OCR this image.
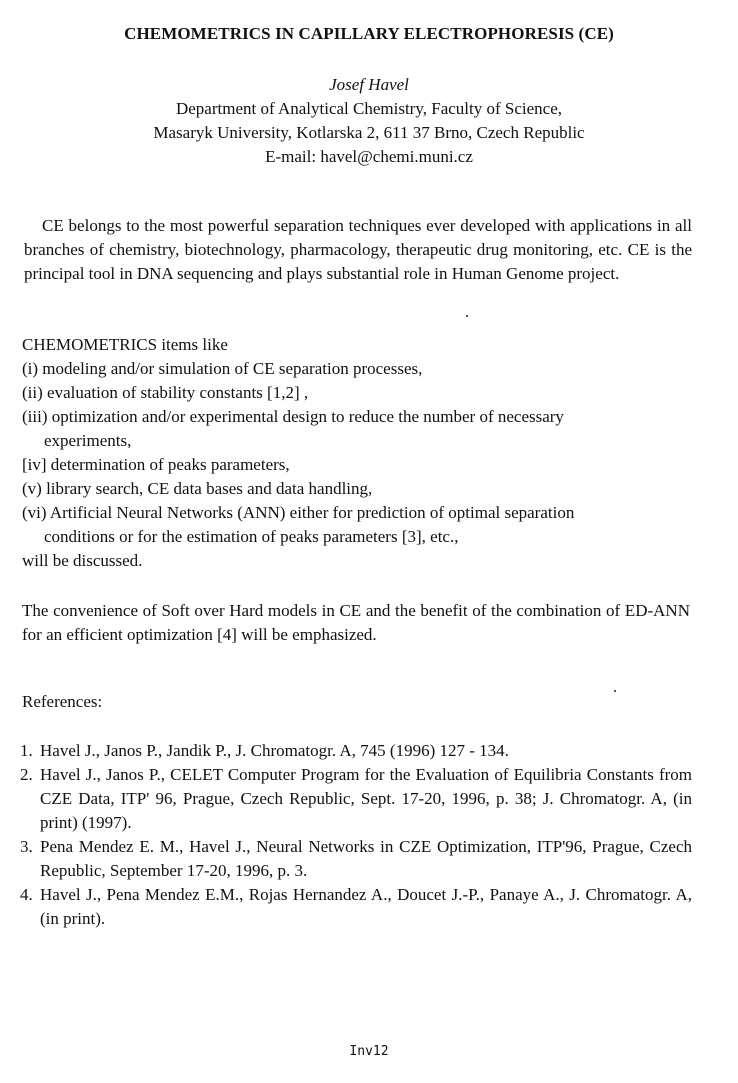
CHEMOMETRICS IN CAPILLARY ELECTROPHORESIS (CE)
Josef Havel
Department of Analytical Chemistry, Faculty of Science,
Masaryk University, Kotlarska 2, 611 37 Brno, Czech Republic
E-mail: havel@chemi.muni.cz
CE belongs to the most powerful separation techniques ever developed with applications in all branches of chemistry, biotechnology, pharmacology, therapeutic drug monitoring, etc. CE is the principal tool in DNA sequencing and plays substantial role in Human Genome project.
CHEMOMETRICS items like
(i) modeling and/or simulation of CE separation processes,
(ii) evaluation of stability constants [1,2] ,
(iii) optimization and/or experimental design to reduce the number of necessary
experiments,
[iv] determination of peaks parameters,
(v) library search, CE data bases and data handling,
(vi) Artificial Neural Networks (ANN) either for prediction of optimal separation
conditions or for the estimation of peaks parameters [3], etc.,
will be discussed.
The convenience of Soft over Hard models in CE and the benefit of the combination of ED-ANN for an efficient optimization [4] will be emphasized.
References:
1. Havel J., Janos P., Jandik P., J. Chromatogr. A, 745 (1996) 127 - 134.
2. Havel J., Janos P., CELET Computer Program for the Evaluation of Equilibria Constants from CZE Data, ITP' 96, Prague, Czech Republic, Sept. 17-20, 1996, p. 38; J. Chromatogr. A, (in print) (1997).
3. Pena Mendez E. M., Havel J., Neural Networks in CZE Optimization, ITP'96, Prague, Czech Republic, September 17-20, 1996, p. 3.
4. Havel J., Pena Mendez E.M., Rojas Hernandez A., Doucet J.-P., Panaye A., J. Chromatogr. A, (in print).
Inv12
